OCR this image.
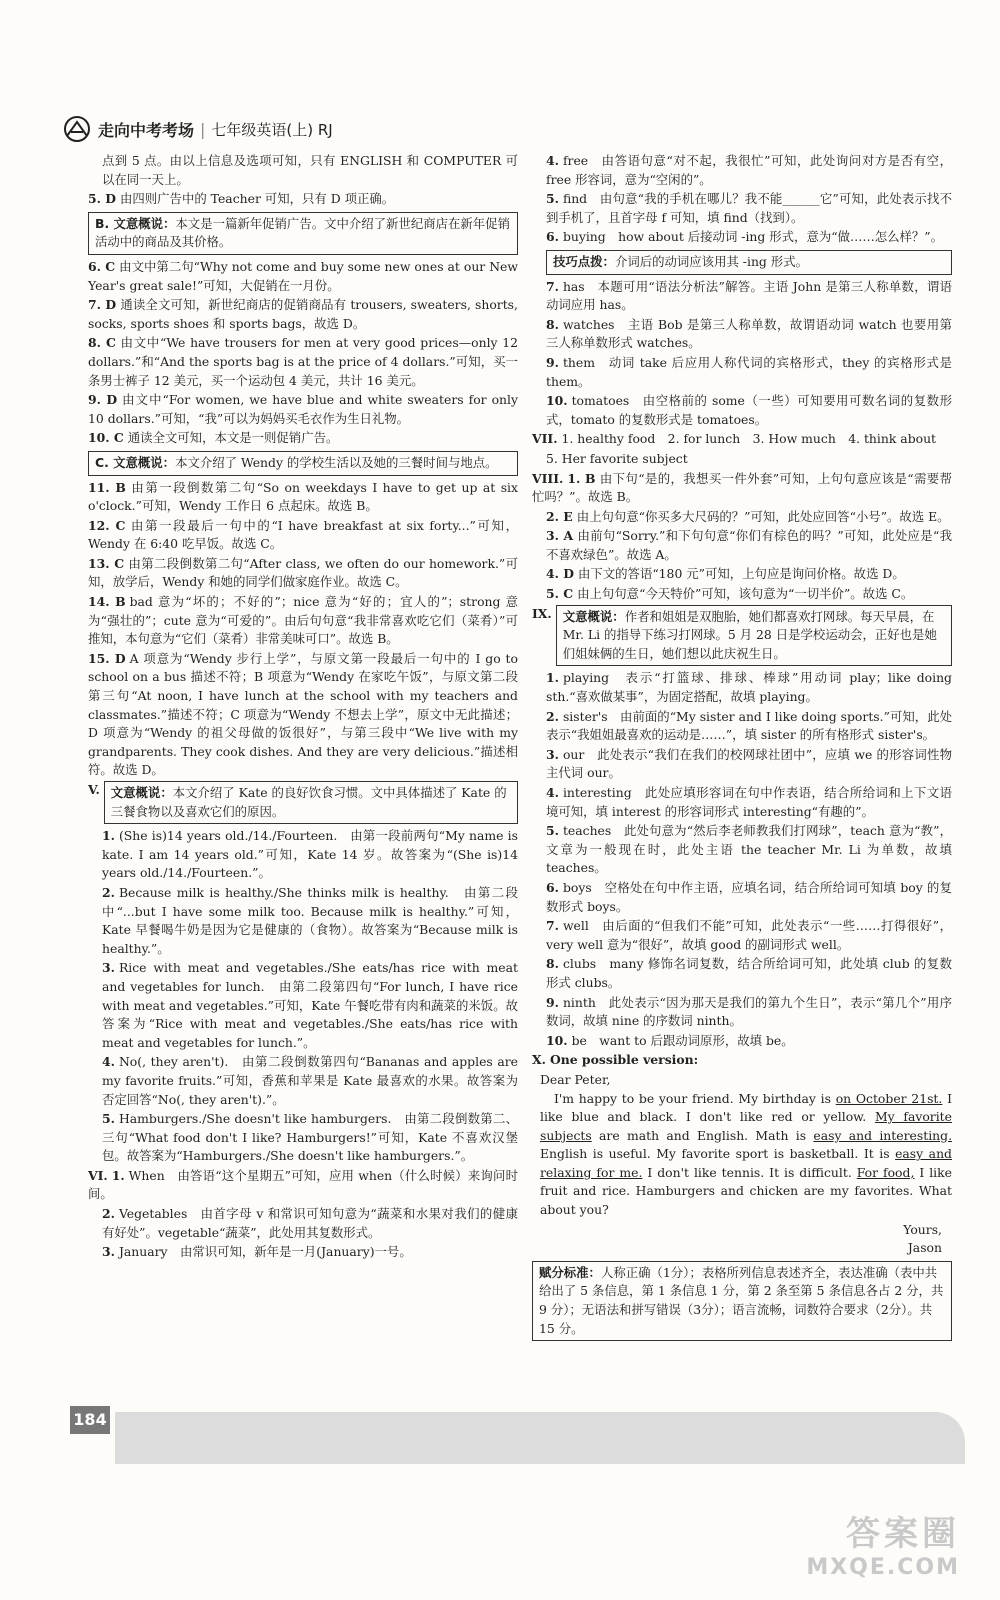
走向中考考场 | 七年级英语(上) RJ
点到 5 点。由以上信息及选项可知，只有 ENGLISH 和 COMPUTER 可以在同一天上。
5. D 由四则广告中的 Teacher 可知，只有 D 项正确。
B. 文意概说：本文是一篇新年促销广告。文中介绍了新世纪商店在新年促销活动中的商品及其价格。
6. C 由文中第二句“Why not come and buy some new ones at our New Year's great sale!”可知，大促销在一月份。
7. D 通读全文可知，新世纪商店的促销商品有 trousers, sweaters, shorts, socks, sports shoes 和 sports bags，故选 D。
8. C 由文中“We have trousers for men at very good prices—only 12 dollars.”和“And the sports bag is at the price of 4 dollars.”可知，买一条男士裤子 12 美元，买一个运动包 4 美元，共计 16 美元。
9. D 由文中“For women, we have blue and white sweaters for only 10 dollars.”可知，“我”可以为妈妈买毛衣作为生日礼物。
10. C 通读全文可知，本文是一则促销广告。
C. 文意概说：本文介绍了 Wendy 的学校生活以及她的三餐时间与地点。
11. B 由第一段倒数第二句“So on weekdays I have to get up at six o'clock.”可知，Wendy 工作日 6 点起床。故选 B。
12. C 由第一段最后一句中的“I have breakfast at six forty...”可知，Wendy 在 6:40 吃早饭。故选 C。
13. C 由第二段倒数第二句“After class, we often do our homework.”可知，放学后，Wendy 和她的同学们做家庭作业。故选 C。
14. B bad 意为“坏的；不好的”；nice 意为“好的；宜人的”；strong 意为“强壮的”；cute 意为“可爱的”。由后句句意“我非常喜欢吃它们（菜肴）”可推知，本句意为“它们（菜肴）非常美味可口”。故选 B。
15. D A 项意为“Wendy 步行上学”，与原文第一段最后一句中的 I go to school on a bus 描述不符；B 项意为“Wendy 在家吃午饭”，与原文第二段第三句“At noon, I have lunch at the school with my teachers and classmates.”描述不符；C 项意为“Wendy 不想去上学”，原文中无此描述；D 项意为“Wendy 的祖父母做的饭很好”，与第三段中“We live with my grandparents. They cook dishes. And they are very delicious.”描述相符。故选 D。
V. 文意概说：本文介绍了 Kate 的良好饮食习惯。文中具体描述了 Kate 的三餐食物以及喜欢它们的原因。
1. (She is)14 years old./14./Fourteen.　由第一段前两句“My name is kate. I am 14 years old.”可知，Kate 14 岁。故答案为“(She is)14 years old./14./Fourteen.”。
2. Because milk is healthy./She thinks milk is healthy.　由第二段中“...but I have some milk too. Because milk is healthy.”可知，Kate 早餐喝牛奶是因为它是健康的（食物）。故答案为“Because milk is healthy.”。
3. Rice with meat and vegetables./She eats/has rice with meat and vegetables for lunch.　由第二段第四句“For lunch, I have rice with meat and vegetables.”可知，Kate 午餐吃带有肉和蔬菜的米饭。故答案为“Rice with meat and vegetables./She eats/has rice with meat and vegetables for lunch.”。
4. No(, they aren't).　由第二段倒数第四句“Bananas and apples are my favorite fruits.”可知，香蕉和苹果是 Kate 最喜欢的水果。故答案为否定回答“No(, they aren't).”。
5. Hamburgers./She doesn't like hamburgers.　由第二段倒数第二、三句“What food don't I like? Hamburgers!”可知，Kate 不喜欢汉堡包。故答案为“Hamburgers./She doesn't like hamburgers.”。
VI. 1. When　由答语“这个星期五”可知，应用 when（什么时候）来询问时间。
2. Vegetables　由首字母 v 和常识可知句意为“蔬菜和水果对我们的健康有好处”。vegetable“蔬菜”，此处用其复数形式。
3. January　由常识可知，新年是一月(January)一号。
4. free　由答语句意“对不起，我很忙”可知，此处询问对方是否有空，free 形容词，意为“空闲的”。
5. find　由句意“我的手机在哪儿？我不能______它”可知，此处表示找不到手机了，且首字母 f 可知，填 find（找到）。
6. buying　how about 后接动词 -ing 形式，意为“做……怎么样？”。
技巧点拨：介词后的动词应该用其 -ing 形式。
7. has　本题可用“语法分析法”解答。主语 John 是第三人称单数，谓语动词应用 has。
8. watches　主语 Bob 是第三人称单数，故谓语动词 watch 也要用第三人称单数形式 watches。
9. them　动词 take 后应用人称代词的宾格形式，they 的宾格形式是 them。
10. tomatoes　由空格前的 some（一些）可知要用可数名词的复数形式，tomato 的复数形式是 tomatoes。
VII. 1. healthy food　2. for lunch　3. How much　4. think about
5. Her favorite subject
VIII. 1. B 由下句“是的，我想买一件外套”可知，上句句意应该是“需要帮忙吗？”。故选 B。
2. E 由上句句意“你买多大尺码的？”可知，此处应回答“小号”。故选 E。
3. A 由前句“Sorry.”和下句句意“你们有棕色的吗？”可知，此处应是“我不喜欢绿色”。故选 A。
4. D 由下文的答语“180 元”可知，上句应是询问价格。故选 D。
5. C 由上句句意“今天特价”可知，该句意为“一切半价”。故选 C。
IX. 文意概说：作者和姐姐是双胞胎，她们都喜欢打网球。每天早晨，在 Mr. Li 的指导下练习打网球。5 月 28 日是学校运动会，正好也是她们姐妹俩的生日，她们想以此庆祝生日。
1. playing　表示“打篮球、排球、棒球”用动词 play；like doing sth.“喜欢做某事”，为固定搭配，故填 playing。
2. sister's　由前面的“My sister and I like doing sports.”可知，此处表示“我姐姐最喜欢的运动是……”，填 sister 的所有格形式 sister's。
3. our　此处表示“我们在我们的校网球社团中”，应填 we 的形容词性物主代词 our。
4. interesting　此处应填形容词在句中作表语，结合所给词和上下文语境可知，填 interest 的形容词形式 interesting“有趣的”。
5. teaches　此处句意为“然后李老师教我们打网球”，teach 意为“教”，文章为一般现在时，此处主语 the teacher Mr. Li 为单数，故填 teaches。
6. boys　空格处在句中作主语，应填名词，结合所给词可知填 boy 的复数形式 boys。
7. well　由后面的“但我们不能”可知，此处表示“一些……打得很好”，very well 意为“很好”，故填 good 的副词形式 well。
8. clubs　many 修饰名词复数，结合所给词可知，此处填 club 的复数形式 clubs。
9. ninth　此处表示“因为那天是我们的第九个生日”，表示“第几个”用序数词，故填 nine 的序数词 ninth。
10. be　want to 后跟动词原形，故填 be。
X. One possible version:
Dear Peter,
I'm happy to be your friend. My birthday is on October 21st. I like blue and black. I don't like red or yellow. My favorite subjects are math and English. Math is easy and interesting. English is useful. My favorite sport is basketball. It is easy and relaxing for me. I don't like tennis. It is difficult. For food, I like fruit and rice. Hamburgers and chicken are my favorites. What about you?
Yours,
Jason
赋分标准：人称正确（1分）；表格所列信息表述齐全，表达准确（表中共给出了 5 条信息，第 1 条信息 1 分，第 2 条至第 5 条信息各占 2 分，共 9 分）；无语法和拼写错误（3分）；语言流畅，词数符合要求（2分）。共 15 分。
184
答案圈
MXQE.COM
